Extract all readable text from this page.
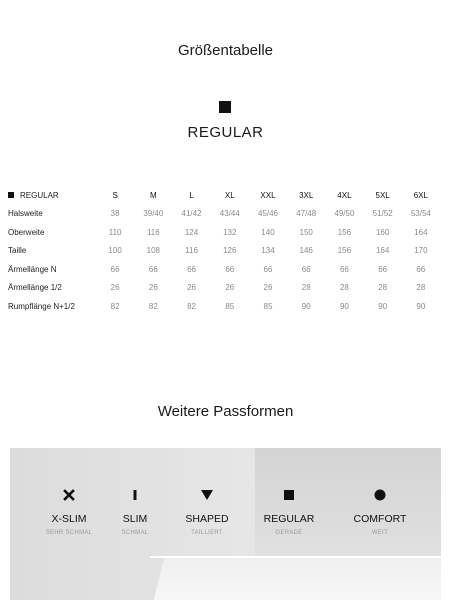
Größentabelle
REGULAR
REGULAR	S	M	L	XL	XXL	3XL	4XL	5XL	6XL
Halsweite	38	39/40	41/42	43/44	45/46	47/48	49/50	51/52	53/54
Oberweite	110	116	124	132	140	150	156	160	164
Taille	100	108	116	126	134	146	156	164	170
Ärmellänge N	66	66	66	66	66	66	66	66	66
Ärmellänge 1/2	26	26	26	26	26	28	28	28	28
Rumpflänge N+1/2	82	82	82	85	85	90	90	90	90
Weitere Passformen
X-SLIM
SEHR SCHMAL
SLIM
SCHMAL
SHAPED
TAILLIERT
REGULAR
GERADE
COMFORT
WEIT
